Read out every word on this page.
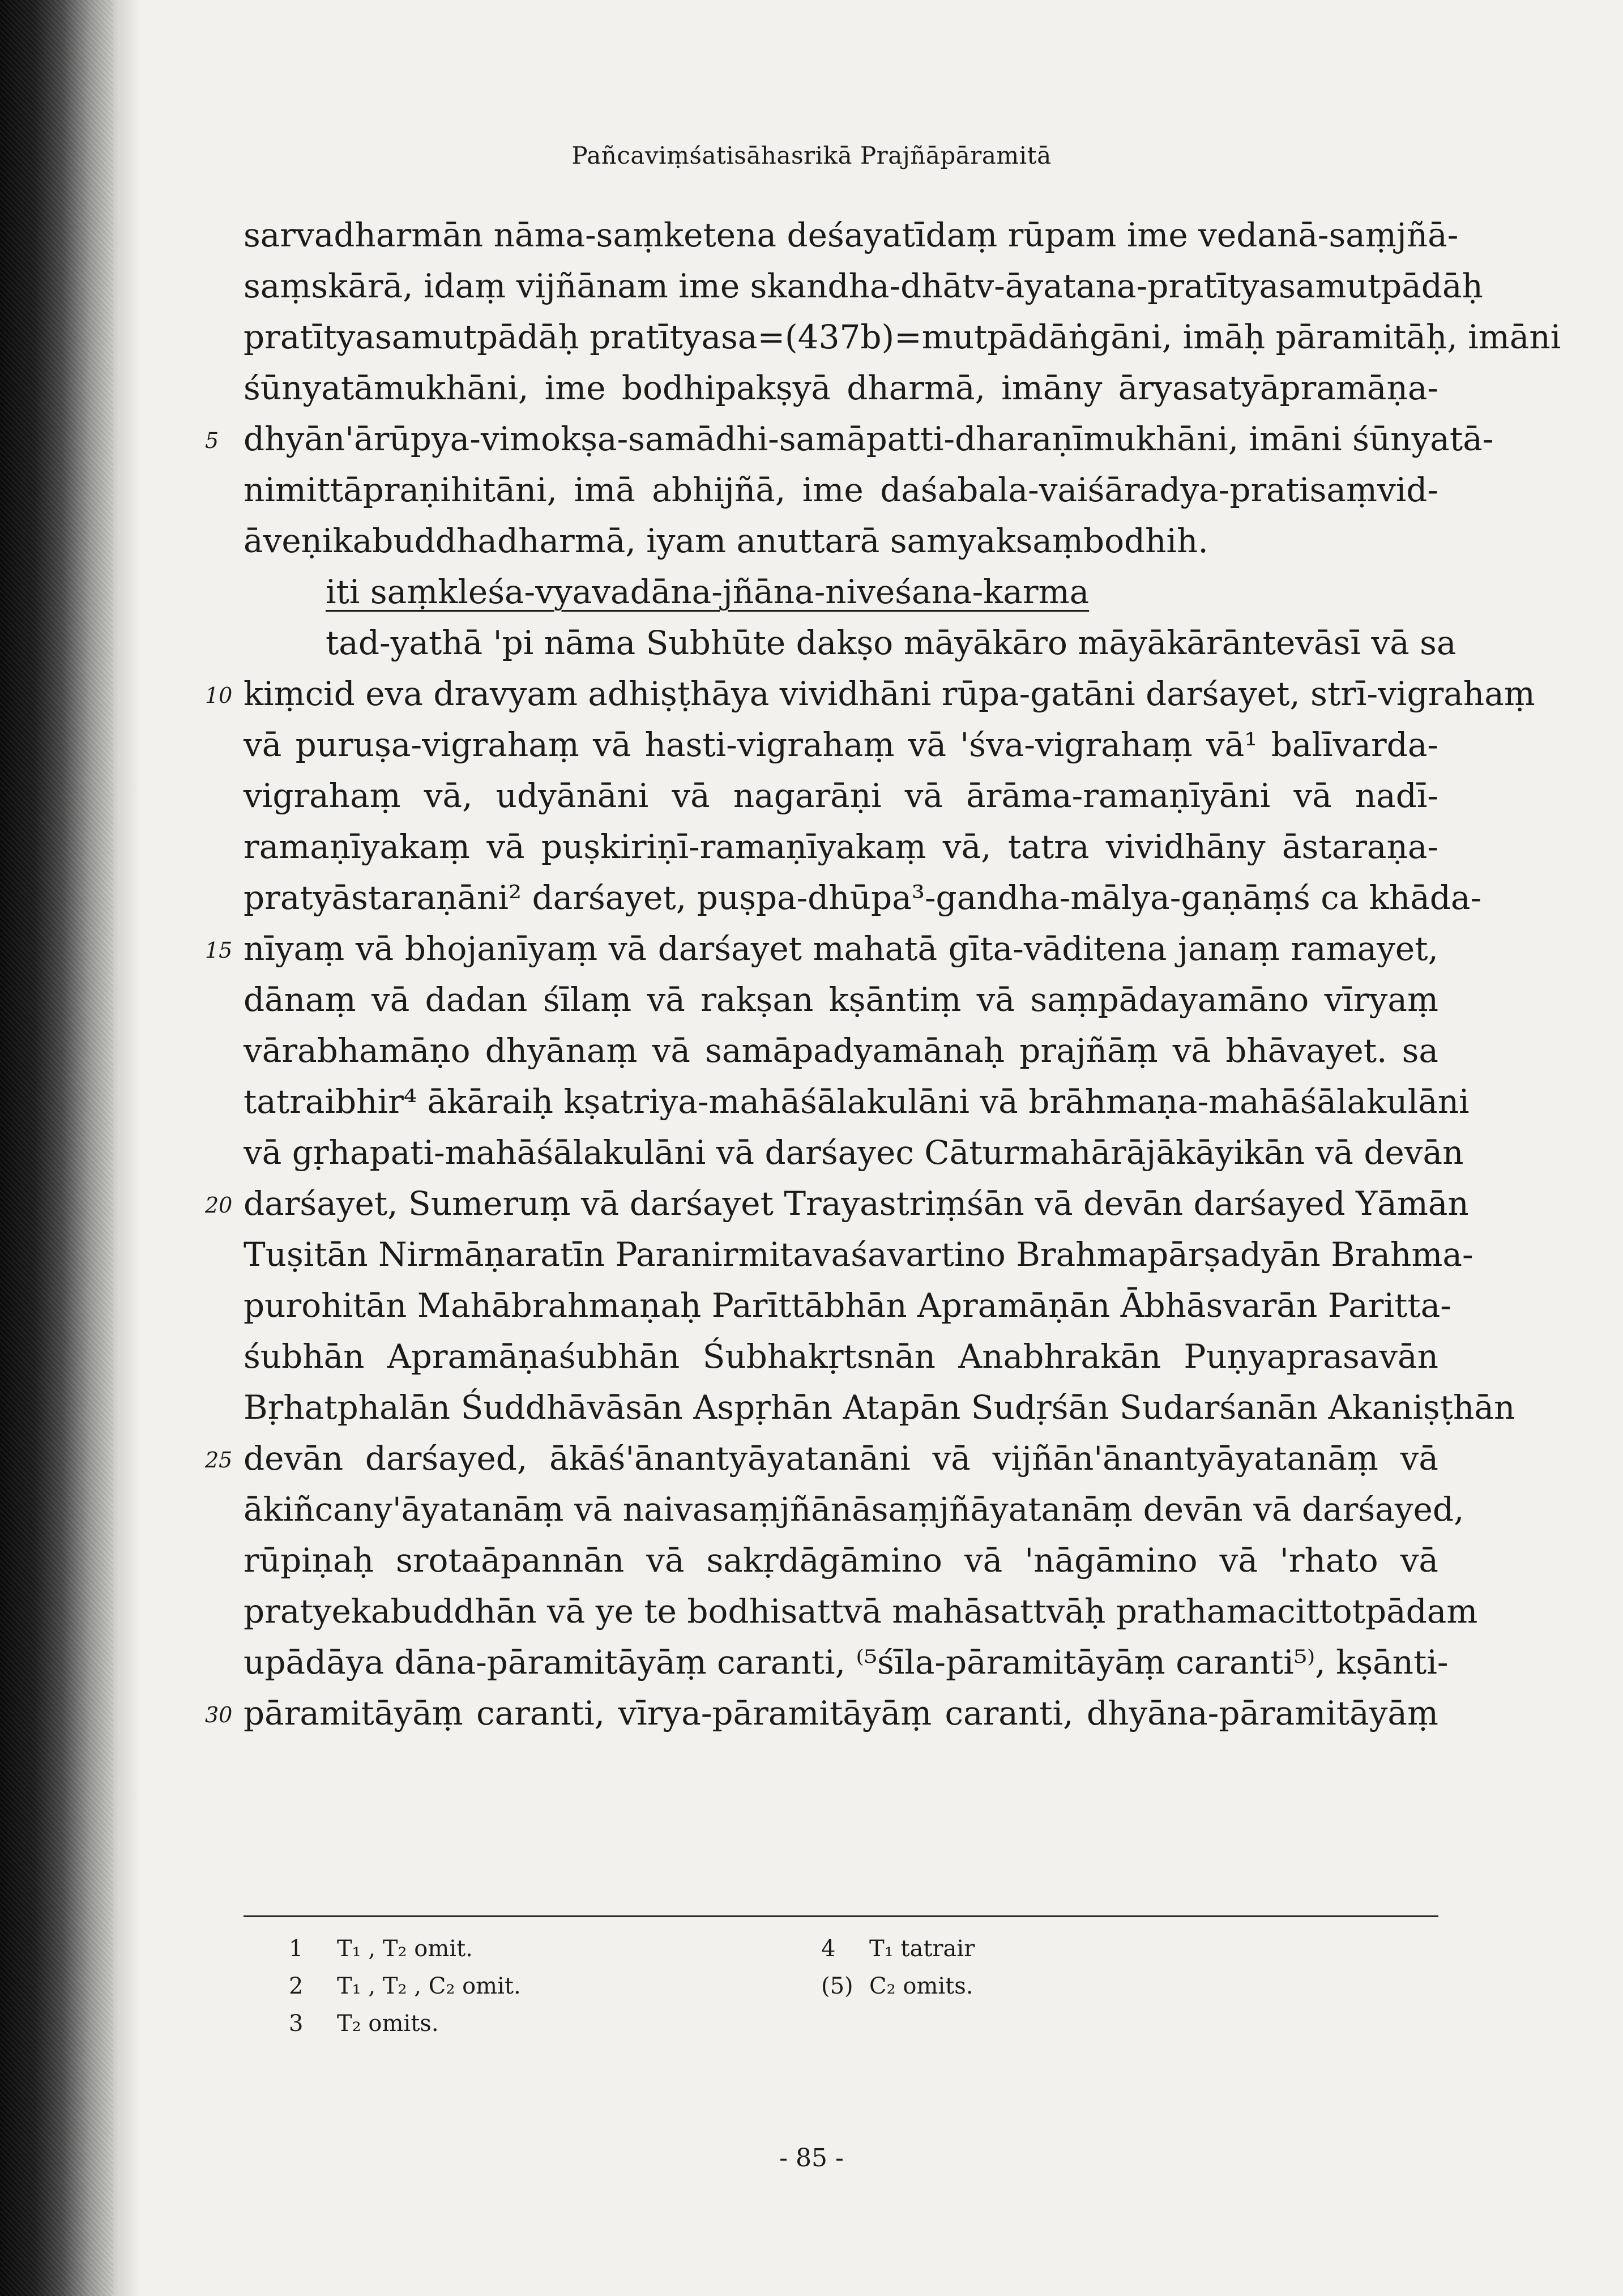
Pañcaviṃśatisāhasrikā Prajñāpāramitā
sarvadharmān nāma-saṃketena deśayatīdaṃ rūpam ime vedanā-saṃjñā-
saṃskārā, idaṃ vijñānam ime skandha-dhātv-āyatana-pratītyasamutpādāḥ
pratītyasamutpādāḥ pratītyasa=(437b)=mutpādāṅgāni, imāḥ pāramitāḥ, imāni
śūnyatāmukhāni, ime bodhipakṣyā dharmā, imāny āryasatyāpramāṇa-
5 dhyān'ārūpya-vimokṣa-samādhi-samāpatti-dharaṇīmukhāni, imāni śūnyatā-
nimittāpraṇihitāni, imā abhijñā, ime daśabala-vaiśāradya-pratisaṃvid-
āveṇikabuddhadharmā, iyam anuttarā samyaksaṃbodhih.
iti saṃkleśa-vyavadāna-jñāna-niveśana-karma
tad-yathā 'pi nāma Subhūte dakṣo māyākāro māyākārāntevāsī vā sa
10 kiṃcid eva dravyam adhiṣṭhāya vividhāni rūpa-gatāni darśayet, strī-vigrahaṃ
vā puruṣa-vigrahaṃ vā hasti-vigrahaṃ vā 'śva-vigrahaṃ vā¹ balīvarda-
vigrahaṃ vā, udyānāni vā nagarāṇi vā ārāma-ramaṇīyāni vā nadī-
ramaṇīyakaṃ vā puṣkiriṇī-ramaṇīyakaṃ vā, tatra vividhāny āstaraṇa-
pratyāstaraṇāni² darśayet, puṣpa-dhūpa³-gandha-mālya-gaṇāṃś ca khāda-
15 nīyaṃ vā bhojanīyaṃ vā darśayet mahatā gīta-vāditena janaṃ ramayet,
dānaṃ vā dadan śīlaṃ vā rakṣan kṣāntiṃ vā saṃpādayamāno vīryaṃ
vārabhamāṇo dhyānaṃ vā samāpadyamānaḥ prajñāṃ vā bhāvayet. sa
tatraibhir⁴ ākāraiḥ kṣatriya-mahāśālakulāni vā brāhmaṇa-mahāśālakulāni
vā gṛhapati-mahāśālakulāni vā darśayec Cāturmahārājākāyikān vā devān
20 darśayet, Sumeruṃ vā darśayet Trayastriṃśān vā devān darśayed Yāmān
Tuṣitān Nirmāṇaratīn Paranirmitavaśavartino Brahmapārṣadyān Brahma-
purohitān Mahābrahmaṇaḥ Parīttābhān Apramāṇān Ābhāsvarān Paritta-
śubhān Apramāṇaśubhān Śubhakṛtsnān Anabhrakān Puṇyaprasavān
Bṛhatphalān Śuddhāvāsān Aspṛhān Atapān Sudṛśān Sudarśanān Akaniṣṭhān
25 devān darśayed, ākāś'ānantyāyatanāni vā vijñān'ānantyāyatanāṃ vā
ākiñcany'āyatanāṃ vā naivasaṃjñānāsaṃjñāyatanāṃ devān vā darśayed,
rūpiṇaḥ srotaāpannān vā sakṛdāgāmino vā 'nāgāmino vā 'rhato vā
pratyekabuddhān vā ye te bodhisattvā mahāsattvāḥ prathamacittotpādam
upādāya dāna-pāramitāyāṃ caranti, ⁽⁵śīla-pāramitāyāṃ caranti⁵⁾, kṣānti-
30 pāramitāyāṃ caranti, vīrya-pāramitāyāṃ caranti, dhyāna-pāramitāyāṃ
1 T₁ , T₂ omit.
2 T₁ , T₂ , C₂ omit.
3 T₂ omits.
4 T₁ tatrair
(5) C₂ omits.
- 85 -
